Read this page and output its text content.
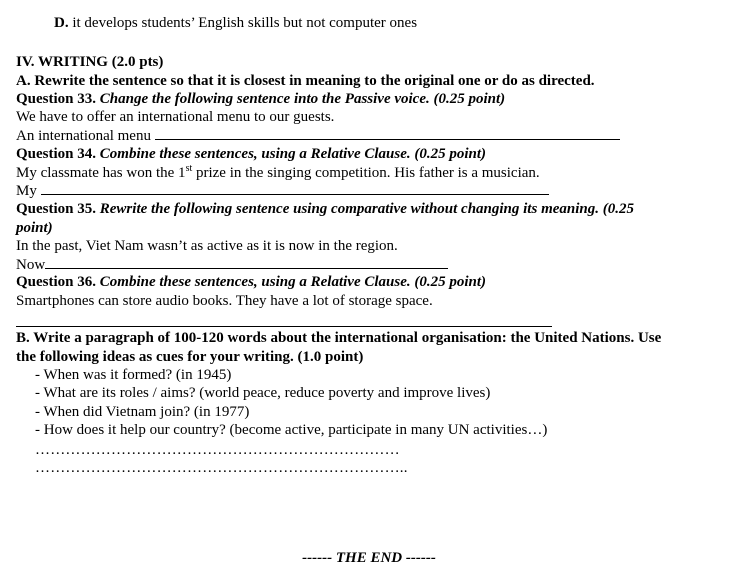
D. it develops students’ English skills but not computer ones
IV. WRITING (2.0 pts)
A. Rewrite the sentence so that it is closest in meaning to the original one or do as directed.
Question 33. Change the following sentence into the Passive voice. (0.25 point)
We have to offer an international menu to our guests.
An international menu
Question 34. Combine these sentences, using a Relative Clause. (0.25 point)
My classmate has won the 1st prize in the singing competition. His father is a musician.
My
Question 35. Rewrite the following sentence using comparative without changing its meaning. (0.25
point)
In the past, Viet Nam wasn’t as active as it is now in the region.
Now
Question 36. Combine these sentences, using a Relative Clause. (0.25 point)
Smartphones can store audio books. They have a lot of storage space.
B. Write a paragraph of 100-120 words about the international organisation: the United Nations. Use
the following ideas as cues for your writing. (1.0 point)
- When was it formed? (in 1945)
- What are its roles / aims? (world peace, reduce poverty and improve lives)
- When did Vietnam join? (in 1977)
- How does it help our country? (become active, participate in many UN activities…)
………………………………………………………………
………………………………………………………………..
------ THE END ------
